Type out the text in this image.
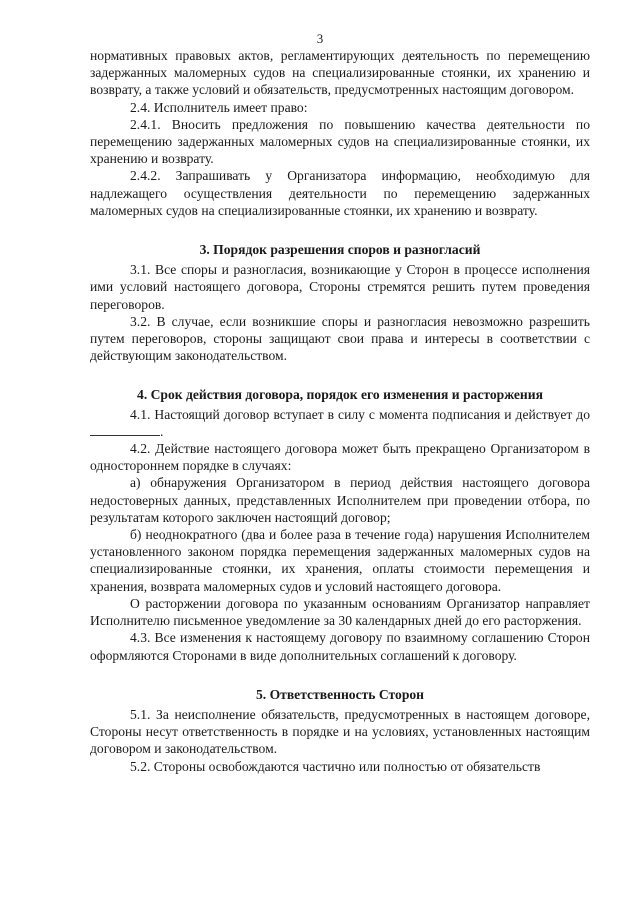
3

нормативных правовых актов, регламентирующих деятельность по перемещению задержанных маломерных судов на специализированные стоянки, их хранению и возврату, а также условий и обязательств, предусмотренных настоящим договором.

2.4. Исполнитель имеет право:

2.4.1. Вносить предложения по повышению качества деятельности по перемещению задержанных маломерных судов на специализированные стоянки, их хранению и возврату.

2.4.2. Запрашивать у Организатора информацию, необходимую для надлежащего осуществления деятельности по перемещению задержанных маломерных судов на специализированные стоянки, их хранению и возврату.

3. Порядок разрешения споров и разногласий

3.1. Все споры и разногласия, возникающие у Сторон в процессе исполнения ими условий настоящего договора, Стороны стремятся решить путем проведения переговоров.

3.2. В случае, если возникшие споры и разногласия невозможно разрешить путем переговоров, стороны защищают свои права и интересы в соответствии с действующим законодательством.

4. Срок действия договора, порядок его изменения и расторжения

4.1. Настоящий договор вступает в силу с момента подписания и действует до .

4.2. Действие настоящего договора может быть прекращено Организатором в одностороннем порядке в случаях:

а) обнаружения Организатором в период действия настоящего договора недостоверных данных, представленных Исполнителем при проведении отбора, по результатам которого заключен настоящий договор;

б) неоднократного (два и более раза в течение года) нарушения Исполнителем установленного законом порядка перемещения задержанных маломерных судов на специализированные стоянки, их хранения, оплаты стоимости перемещения и хранения, возврата маломерных судов и условий настоящего договора.

О расторжении договора по указанным основаниям Организатор направляет Исполнителю письменное уведомление за 30 календарных дней до его расторжения.

4.3. Все изменения к настоящему договору по взаимному соглашению Сторон оформляются Сторонами в виде дополнительных соглашений к договору.

5. Ответственность Сторон

5.1. За неисполнение обязательств, предусмотренных в настоящем договоре, Стороны несут ответственность в порядке и на условиях, установленных настоящим договором и законодательством.

5.2. Стороны освобождаются частично или полностью от обязательств
